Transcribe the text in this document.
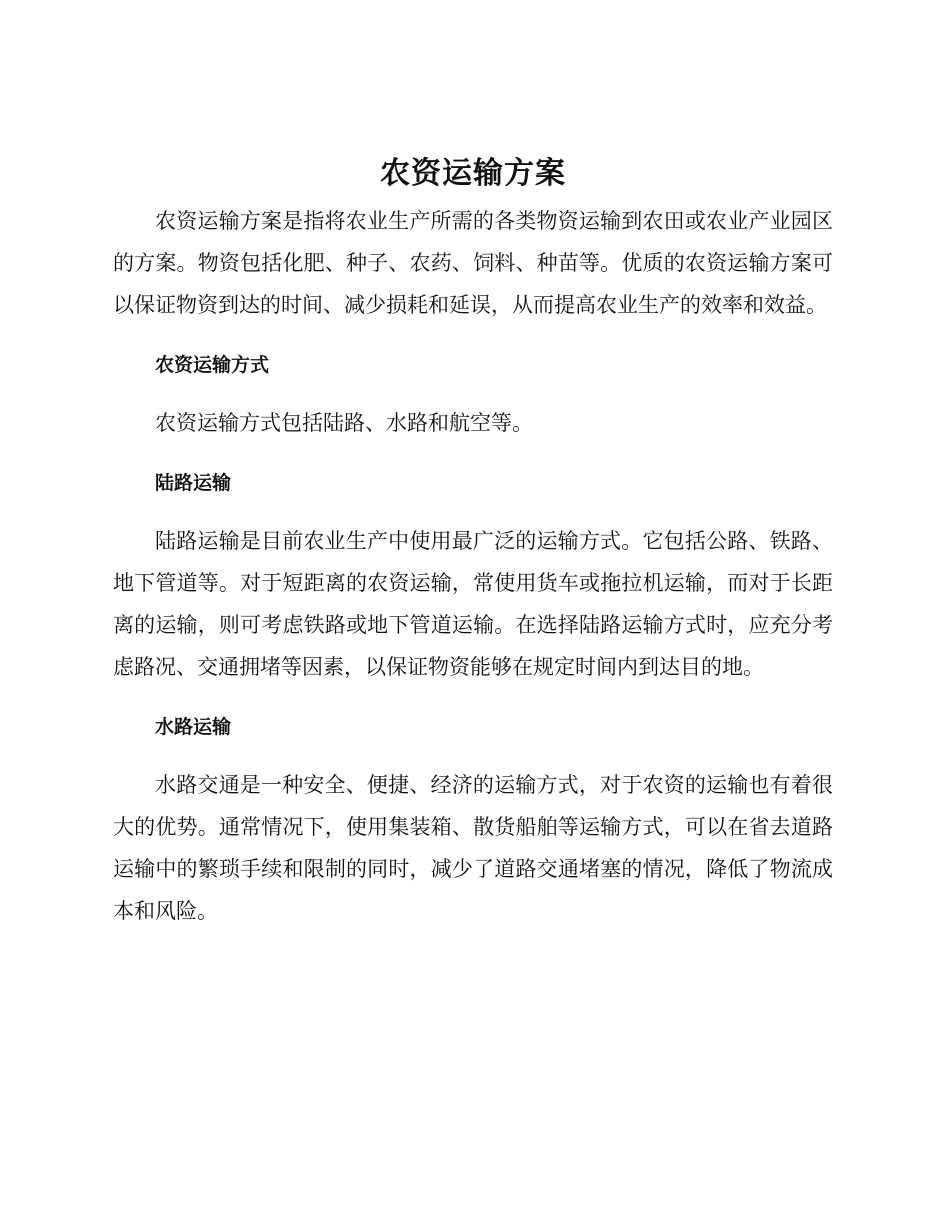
农资运输方案

农资运输方案是指将农业生产所需的各类物资运输到农田或农业产业园区的方案。物资包括化肥、种子、农药、饲料、种苗等。优质的农资运输方案可以保证物资到达的时间、减少损耗和延误，从而提高农业生产的效率和效益。

农资运输方式

农资运输方式包括陆路、水路和航空等。

陆路运输

陆路运输是目前农业生产中使用最广泛的运输方式。它包括公路、铁路、地下管道等。对于短距离的农资运输，常使用货车或拖拉机运输，而对于长距离的运输，则可考虑铁路或地下管道运输。在选择陆路运输方式时，应充分考虑路况、交通拥堵等因素，以保证物资能够在规定时间内到达目的地。

水路运输

水路交通是一种安全、便捷、经济的运输方式，对于农资的运输也有着很大的优势。通常情况下，使用集装箱、散货船舶等运输方式，可以在省去道路运输中的繁琐手续和限制的同时，减少了道路交通堵塞的情况，降低了物流成本和风险。
